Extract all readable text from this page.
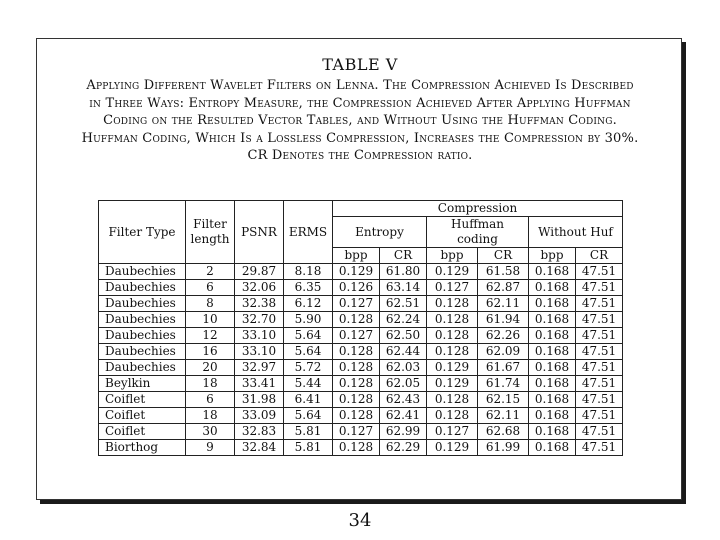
TABLE V
Applying Different Wavelet Filters on Lenna. The Compression Achieved Is Described in Three Ways: Entropy Measure, the Compression Achieved After Applying Huffman Coding on the Resulted Vector Tables, and Without Using the Huffman Coding. Huffman Coding, Which Is a Lossless Compression, Increases the Compression by 30%. CR Denotes the Compression ratio.
Filter Type	Filter length	PSNR	ERMS	Compression					
				Entropy		Huffman coding		Without Huf	
				bpp	CR	bpp	CR	bpp	CR
Daubechies	2	29.87	8.18	0.129	61.80	0.129	61.58	0.168	47.51
Daubechies	6	32.06	6.35	0.126	63.14	0.127	62.87	0.168	47.51
Daubechies	8	32.38	6.12	0.127	62.51	0.128	62.11	0.168	47.51
Daubechies	10	32.70	5.90	0.128	62.24	0.128	61.94	0.168	47.51
Daubechies	12	33.10	5.64	0.127	62.50	0.128	62.26	0.168	47.51
Daubechies	16	33.10	5.64	0.128	62.44	0.128	62.09	0.168	47.51
Daubechies	20	32.97	5.72	0.128	62.03	0.129	61.67	0.168	47.51
Beylkin	18	33.41	5.44	0.128	62.05	0.129	61.74	0.168	47.51
Coiflet	6	31.98	6.41	0.128	62.43	0.128	62.15	0.168	47.51
Coiflet	18	33.09	5.64	0.128	62.41	0.128	62.11	0.168	47.51
Coiflet	30	32.83	5.81	0.127	62.99	0.127	62.68	0.168	47.51
Biorthog	9	32.84	5.81	0.128	62.29	0.129	61.99	0.168	47.51
34
